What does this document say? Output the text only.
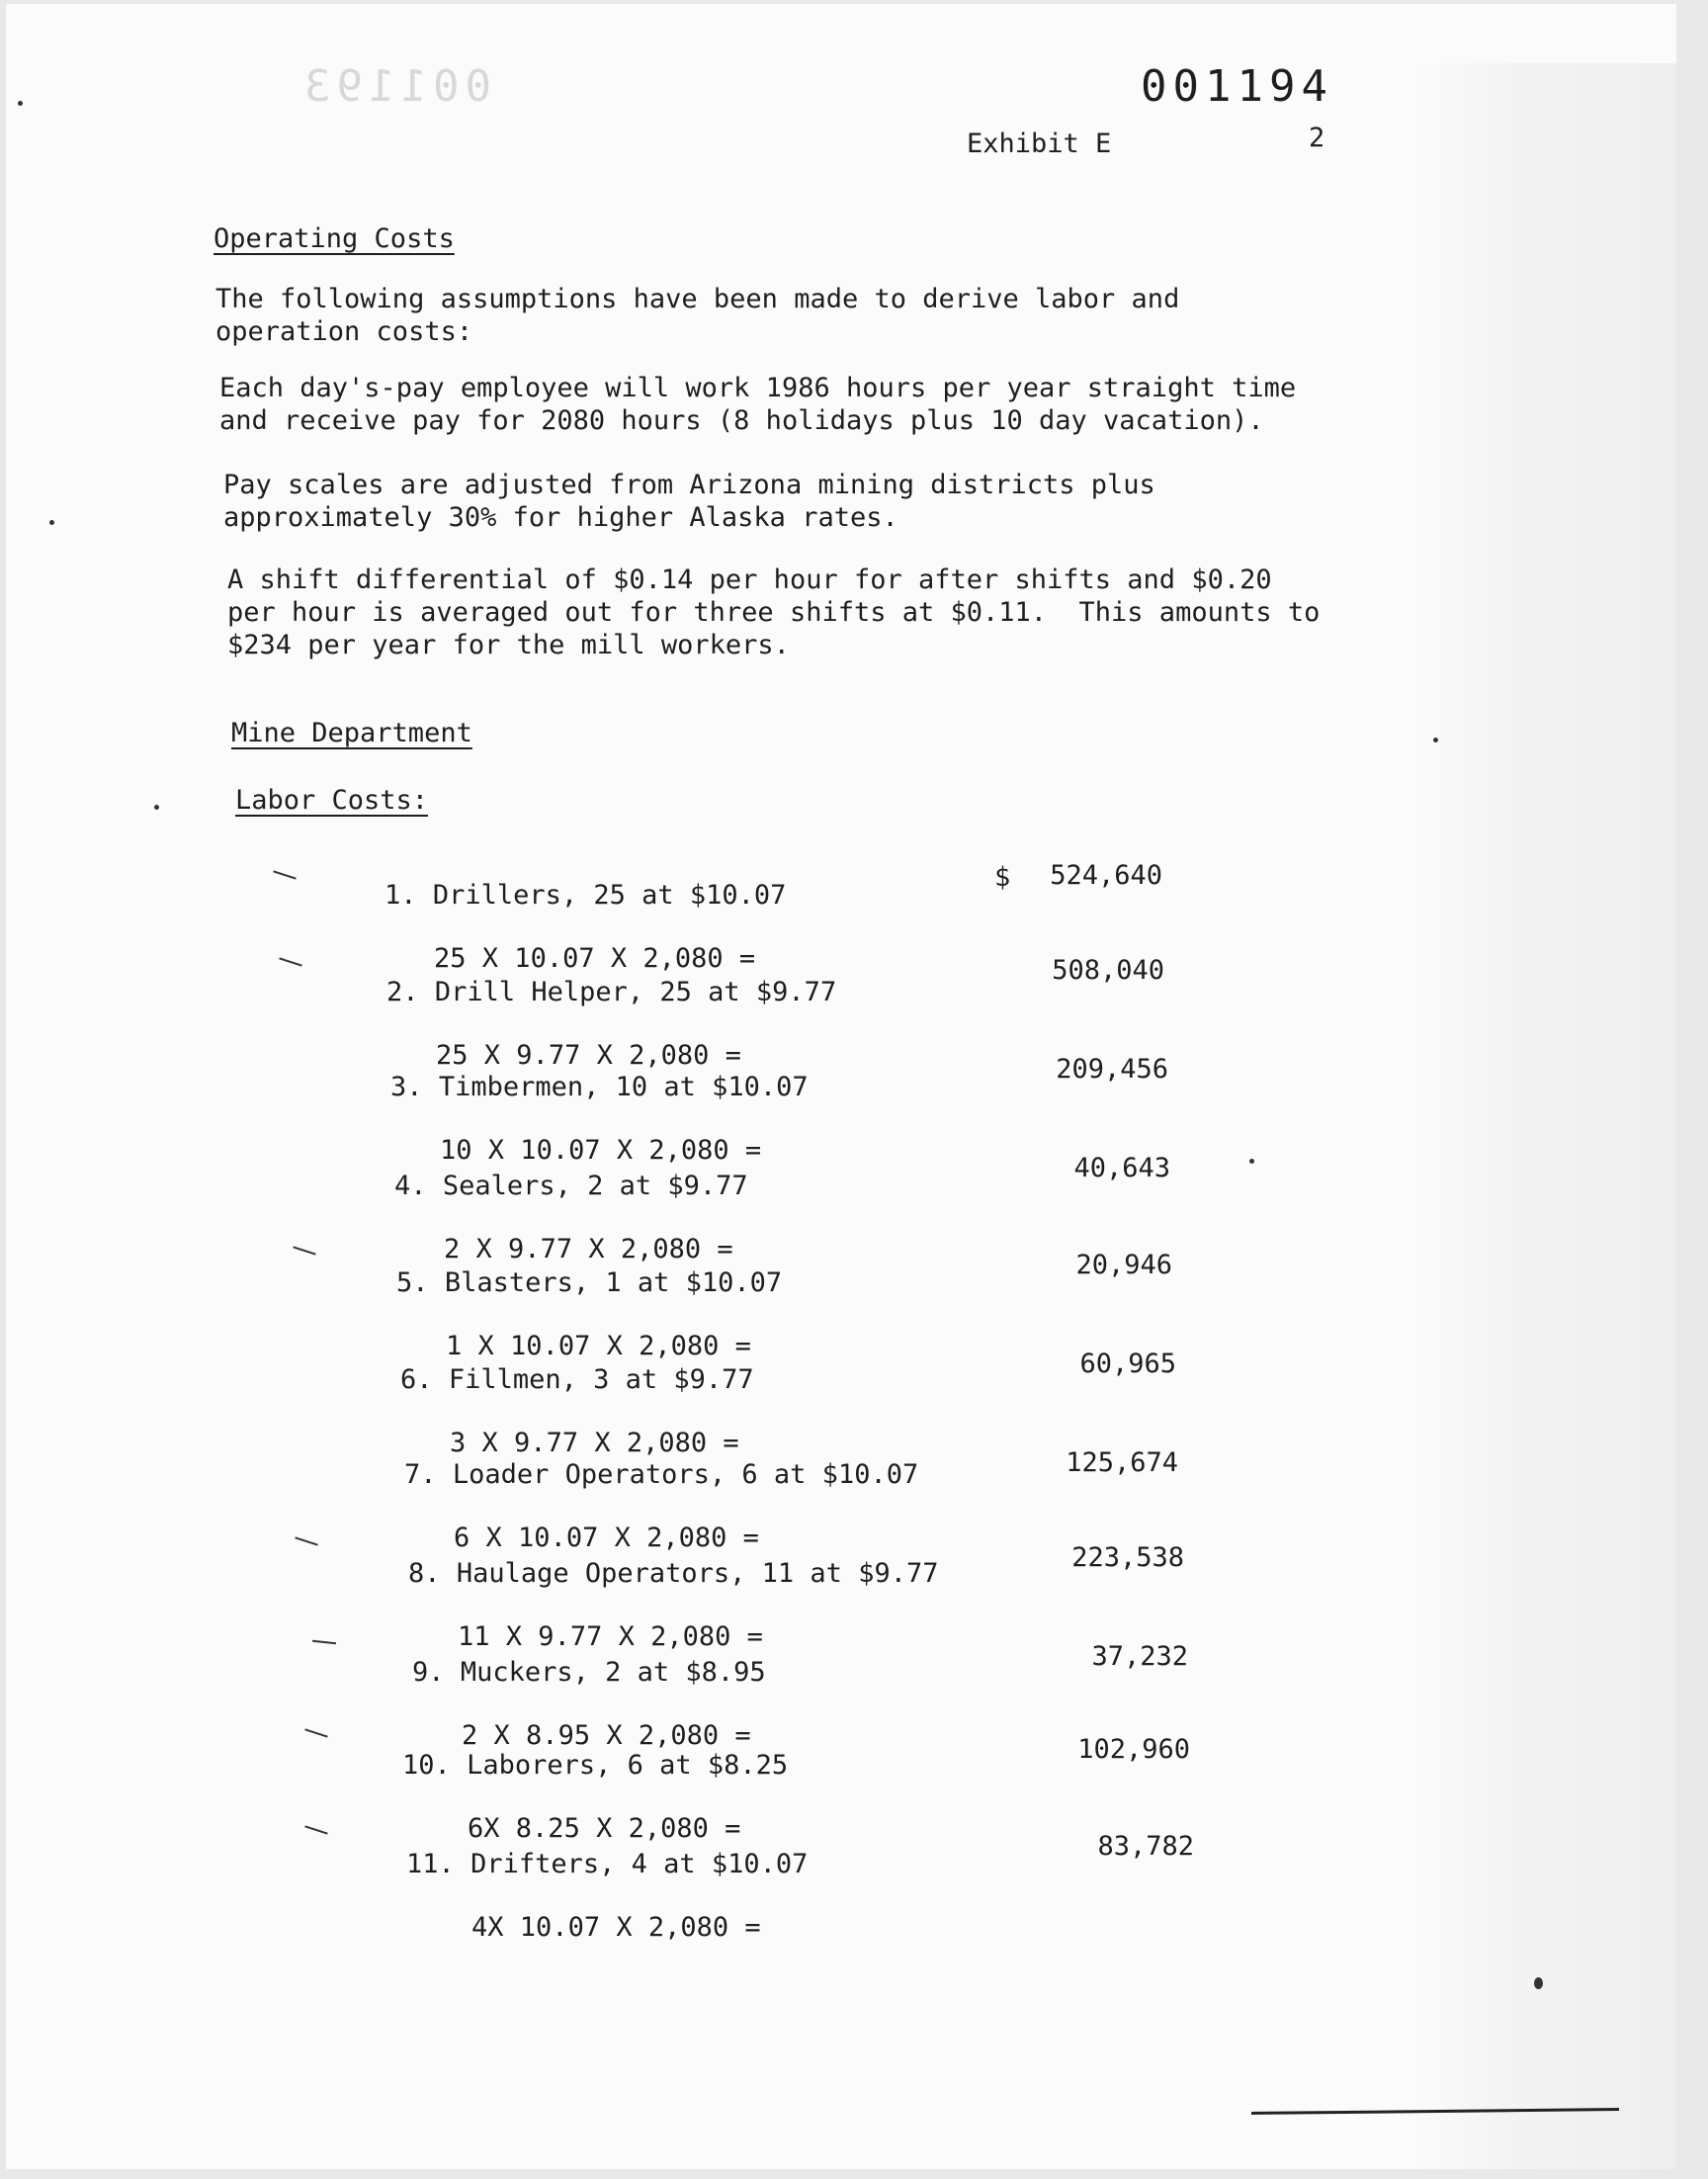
001193	001194
Exhibit E	2
Operating Costs
The following assumptions have been made to derive labor and
operation costs:
Each day's-pay employee will work 1986 hours per year straight time
and receive pay for 2080 hours (8 holidays plus 10 day vacation).
Pay scales are adjusted from Arizona mining districts plus
approximately 30% for higher Alaska rates.
A shift differential of $0.14 per hour for after shifts and $0.20
per hour is averaged out for three shifts at $0.11.  This amounts to
$234 per year for the mill workers.
Mine Department
Labor Costs:
$

1. Drillers, 25 at $10.07

25 X 10.07 X 2,080 =

524,640

2. Drill Helper, 25 at $9.77

25 X 9.77 X 2,080 =

508,040

3. Timbermen, 10 at $10.07

10 X 10.07 X 2,080 =

209,456

4. Sealers, 2 at $9.77

2 X 9.77 X 2,080 =

40,643

5. Blasters, 1 at $10.07

1 X 10.07 X 2,080 =

20,946

6. Fillmen, 3 at $9.77

3 X 9.77 X 2,080 =

60,965

7. Loader Operators, 6 at $10.07

6 X 10.07 X 2,080 =

125,674

8. Haulage Operators, 11 at $9.77

11 X 9.77 X 2,080 =

223,538

9. Muckers, 2 at $8.95

2 X 8.95 X 2,080 =

37,232

10. Laborers, 6 at $8.25

6X 8.25 X 2,080 =

102,960

11. Drifters, 4 at $10.07

4X 10.07 X 2,080 =

83,782
